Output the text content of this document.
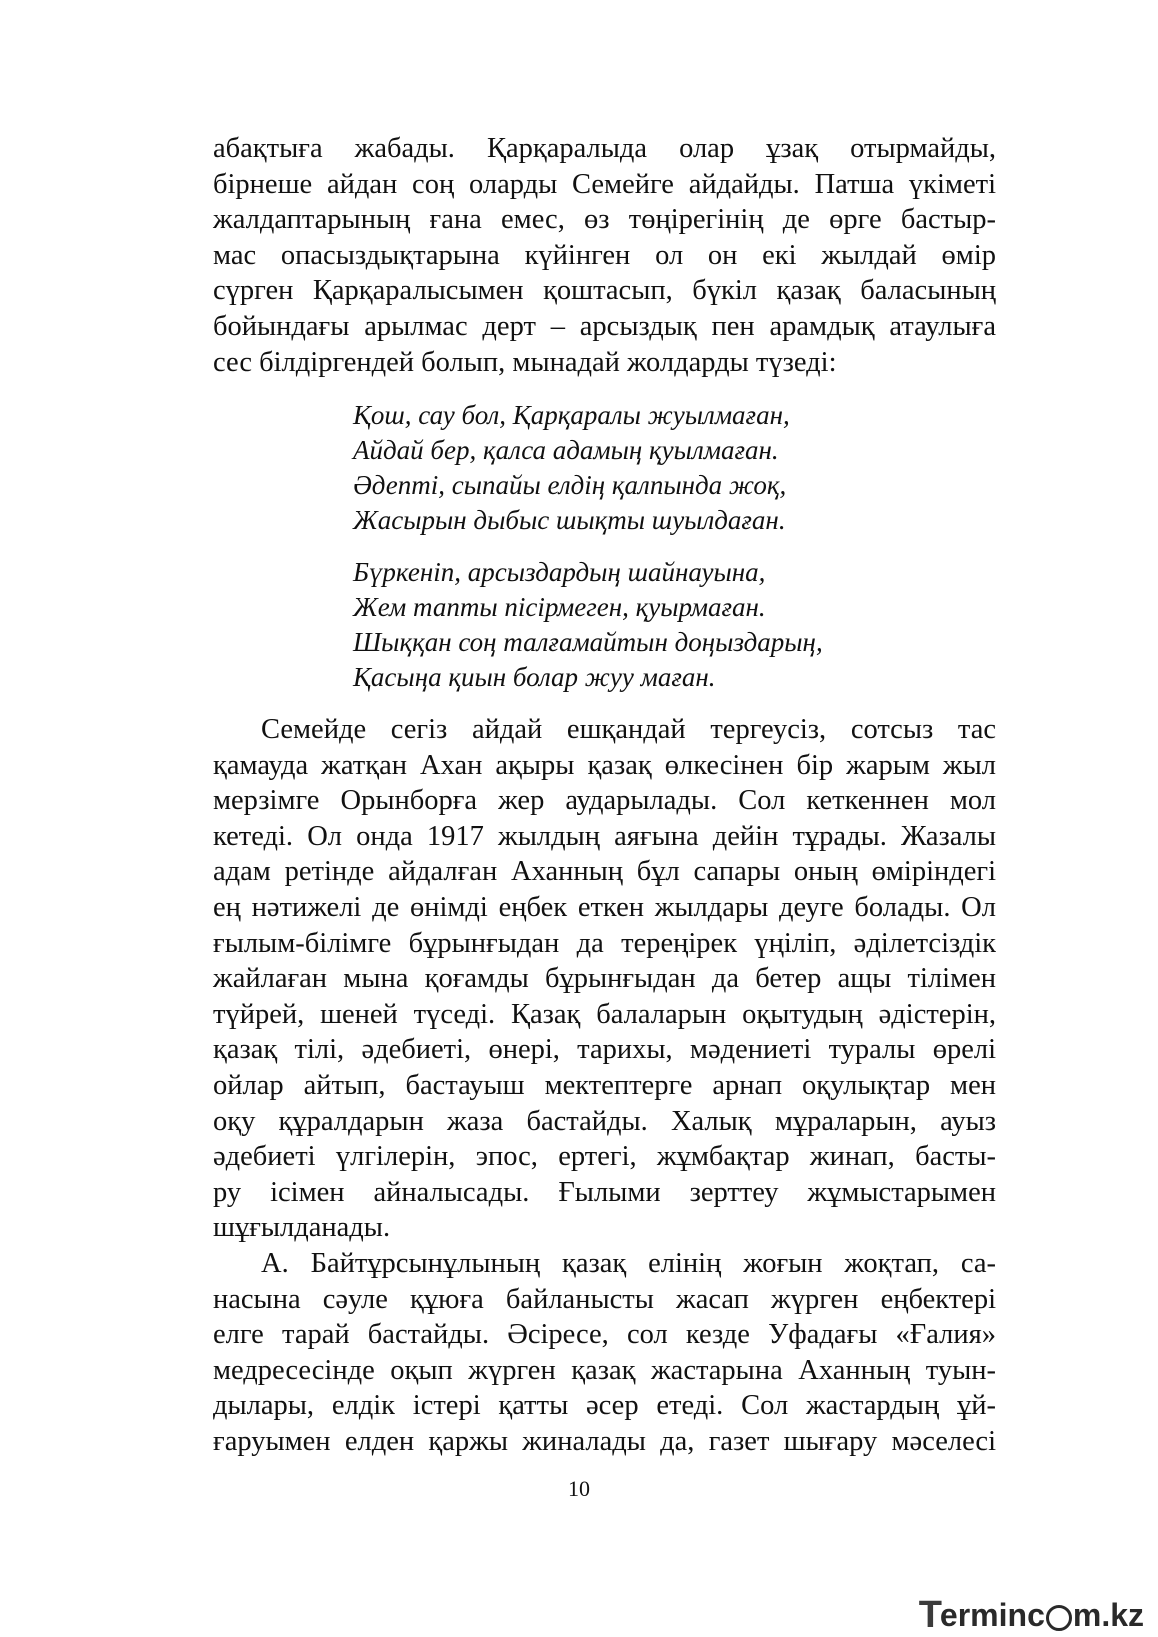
абақтыға жабады. Қарқаралыда олар ұзақ отырмайды,
бірнеше айдан соң оларды Семейге айдайды. Патша үкіметі
жалдаптарының ғана емес, өз төңірегінің де өрге бастыр-
мас опасыздықтарына күйінген ол он екі жылдай өмір
сүрген Қарқаралысымен қоштасып, бүкіл қазақ баласының
бойындағы арылмас дерт – арсыздық пен арамдық атаулыға
сес білдіргендей болып, мынадай жолдарды түзеді:
Қош, сау бол, Қарқаралы жуылмаған,
Айдай бер, қалса адамың қуылмаған.
Әдепті, сыпайы елдің қалпында жоқ,
Жасырын дыбыс шықты шуылдаған.
Бүркеніп, арсыздардың шайнауына,
Жем тапты пісірмеген, қуырмаған.
Шыққан соң талғамайтын доңыздарың,
Қасыңа қиын болар жуу маған.
Семейде сегіз айдай ешқандай тергеусіз, сотсыз тас
қамауда жатқан Ахан ақыры қазақ өлкесінен бір жарым жыл
мерзімге Орынборға жер аударылады. Сол кеткеннен мол
кетеді. Ол онда 1917 жылдың аяғына дейін тұрады. Жазалы
адам ретінде айдалған Аханның бұл сапары оның өміріндегі
ең нәтижелі де өнімді еңбек еткен жылдары деуге болады. Ол
ғылым-білімге бұрынғыдан да тереңірек үңіліп, әділетсіздік
жайлаған мына қоғамды бұрынғыдан да бетер ащы тілімен
түйрей, шеней түседі. Қазақ балаларын оқытудың әдістерін,
қазақ тілі, әдебиеті, өнері, тарихы, мәдениеті туралы өрелі
ойлар айтып, бастауыш мектептерге арнап оқулықтар мен
оқу құралдарын жаза бастайды. Халық мұраларын, ауыз
әдебиеті үлгілерін, эпос, ертегі, жұмбақтар жинап, басты-
ру ісімен айналысады. Ғылыми зерттеу жұмыстарымен
шұғылданады.
А. Байтұрсынұлының қазақ елінің жоғын жоқтап, са-
насына сәуле құюға байланысты жасап жүрген еңбектері
елге тарай бастайды. Әсіресе, сол кезде Уфадағы «Ғалия»
медресесінде оқып жүрген қазақ жастарына Аханның туын-
дылары, елдік істері қатты әсер етеді. Сол жастардың ұй-
ғаруымен елден қаржы жиналады да, газет шығару мәселесі
10
T
erminc m.kz
